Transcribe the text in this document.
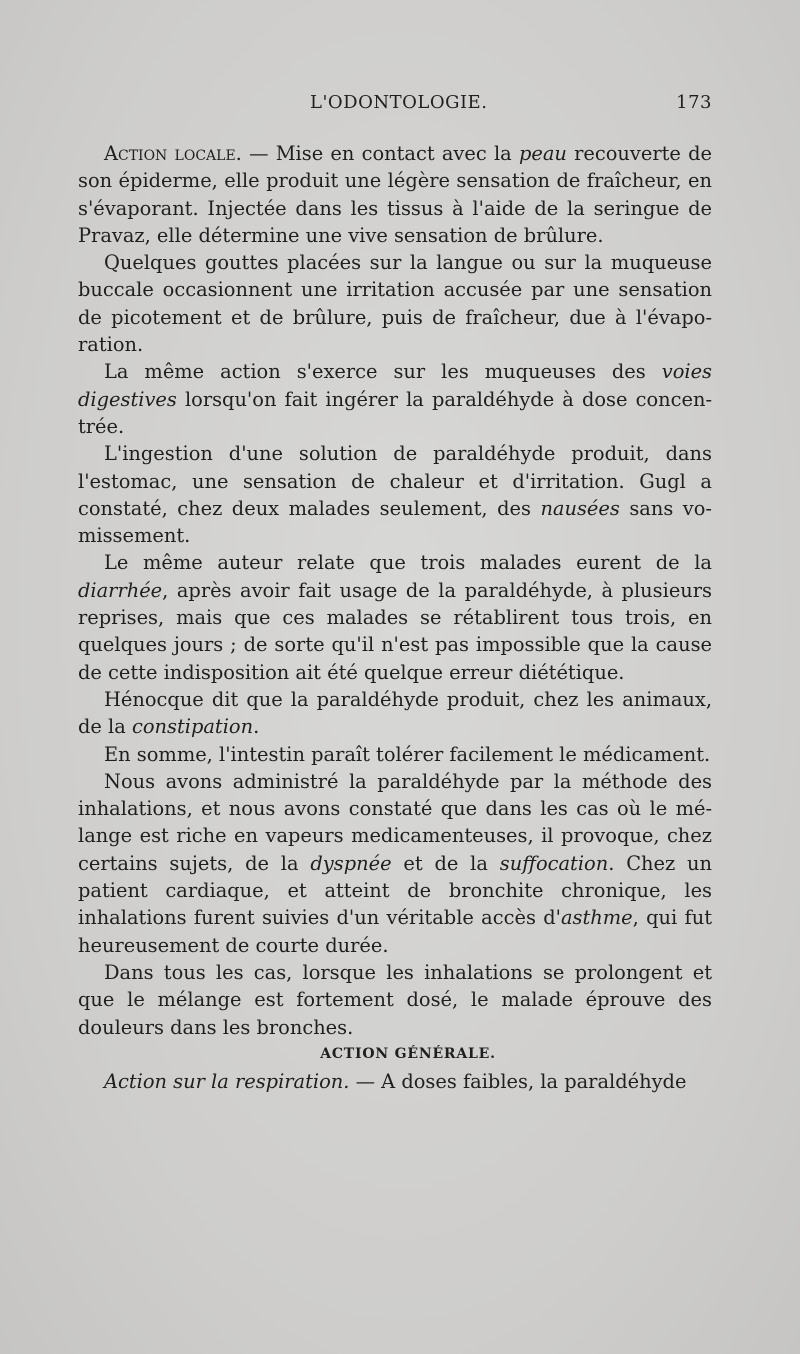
L'ODONTOLOGIE.	173

Action locale. — Mise en contact avec la peau recouverte de son épiderme, elle produit une légère sensation de fraîcheur, en s'évaporant. Injectée dans les tissus à l'aide de la seringue de Pravaz, elle détermine une vive sensation de brûlure.

Quelques gouttes placées sur la langue ou sur la muqueuse buccale occasionnent une irritation accusée par une sensation de picotement et de brûlure, puis de fraîcheur, due à l'évaporation.

La même action s'exerce sur les muqueuses des voies digestives lorsqu'on fait ingérer la paraldéhyde à dose concentrée.

L'ingestion d'une solution de paraldéhyde produit, dans l'estomac, une sensation de chaleur et d'irritation. Gugl a constaté, chez deux malades seulement, des nausées sans vomissement.

Le même auteur relate que trois malades eurent de la diarrhée, après avoir fait usage de la paraldéhyde, à plusieurs reprises, mais que ces malades se rétablirent tous trois, en quelques jours ; de sorte qu'il n'est pas impossible que la cause de cette indisposition ait été quelque erreur diététique.

Hénocque dit que la paraldéhyde produit, chez les animaux, de la constipation.

En somme, l'intestin paraît tolérer facilement le médicament.

Nous avons administré la paraldéhyde par la méthode des inhalations, et nous avons constaté que dans les cas où le mélange est riche en vapeurs medicamenteuses, il provoque, chez certains sujets, de la dyspnée et de la suffocation. Chez un patient cardiaque, et atteint de bronchite chronique, les inhalations furent suivies d'un véritable accès d'asthme, qui fut heureusement de courte durée.

Dans tous les cas, lorsque les inhalations se prolongent et que le mélange est fortement dosé, le malade éprouve des douleurs dans les bronches.

ACTION GÉNÉRALE.

Action sur la respiration. — A doses faibles, la paraldéhyde
